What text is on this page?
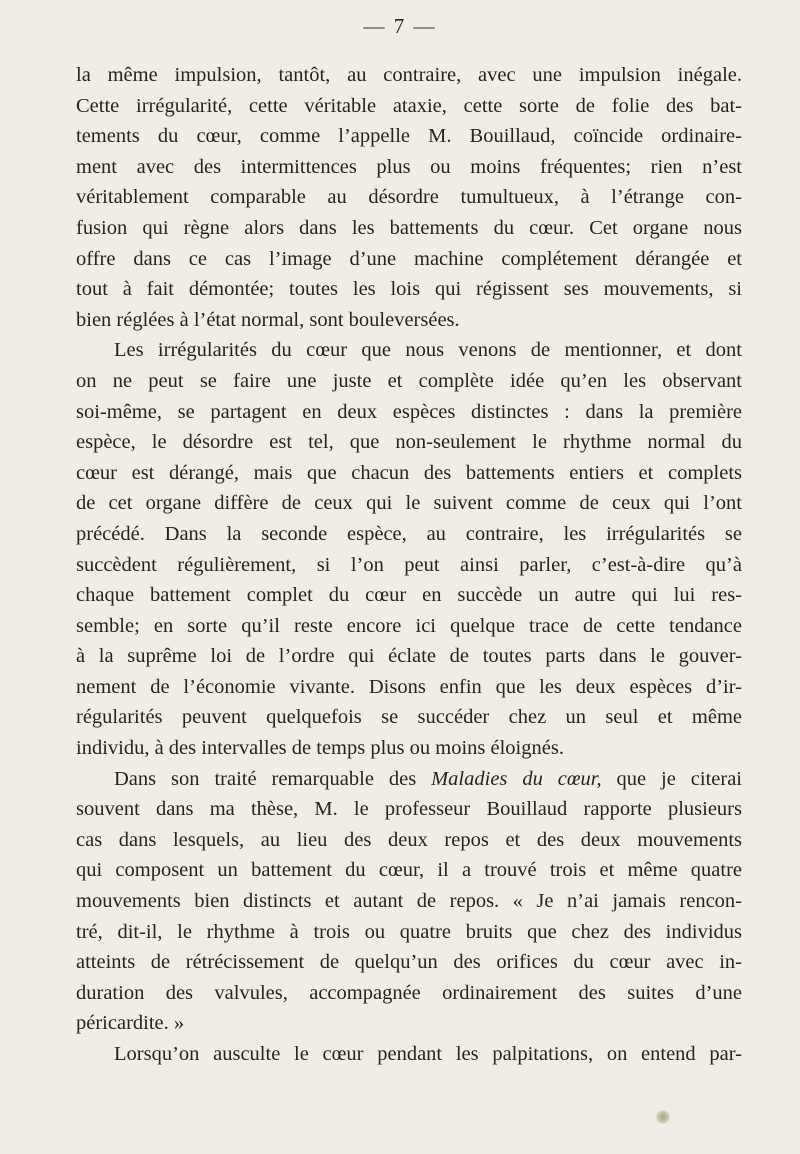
— 7 —
la même impulsion, tantôt, au contraire, avec une impulsion inégale.
Cette irrégularité, cette véritable ataxie, cette sorte de folie des bat-
tements du cœur, comme l’appelle M. Bouillaud, coïncide ordinaire-
ment avec des intermittences plus ou moins fréquentes; rien n’est
véritablement comparable au désordre tumultueux, à l’étrange con-
fusion qui règne alors dans les battements du cœur. Cet organe nous
offre dans ce cas l’image d’une machine complétement dérangée et
tout à fait démontée; toutes les lois qui régissent ses mouvements, si
bien réglées à l’état normal, sont bouleversées.
Les irrégularités du cœur que nous venons de mentionner, et dont
on ne peut se faire une juste et complète idée qu’en les observant
soi-même, se partagent en deux espèces distinctes : dans la première
espèce, le désordre est tel, que non-seulement le rhythme normal du
cœur est dérangé, mais que chacun des battements entiers et complets
de cet organe diffère de ceux qui le suivent comme de ceux qui l’ont
précédé. Dans la seconde espèce, au contraire, les irrégularités se
succèdent régulièrement, si l’on peut ainsi parler, c’est-à-dire qu’à
chaque battement complet du cœur en succède un autre qui lui res-
semble; en sorte qu’il reste encore ici quelque trace de cette tendance
à la suprême loi de l’ordre qui éclate de toutes parts dans le gouver-
nement de l’économie vivante. Disons enfin que les deux espèces d’ir-
régularités peuvent quelquefois se succéder chez un seul et même
individu, à des intervalles de temps plus ou moins éloignés.
Dans son traité remarquable des Maladies du cœur, que je citerai
souvent dans ma thèse, M. le professeur Bouillaud rapporte plusieurs
cas dans lesquels, au lieu des deux repos et des deux mouvements
qui composent un battement du cœur, il a trouvé trois et même quatre
mouvements bien distincts et autant de repos. « Je n’ai jamais rencon-
tré, dit-il, le rhythme à trois ou quatre bruits que chez des individus
atteints de rétrécissement de quelqu’un des orifices du cœur avec in-
duration des valvules, accompagnée ordinairement des suites d’une
péricardite. »
Lorsqu’on ausculte le cœur pendant les palpitations, on entend par-
